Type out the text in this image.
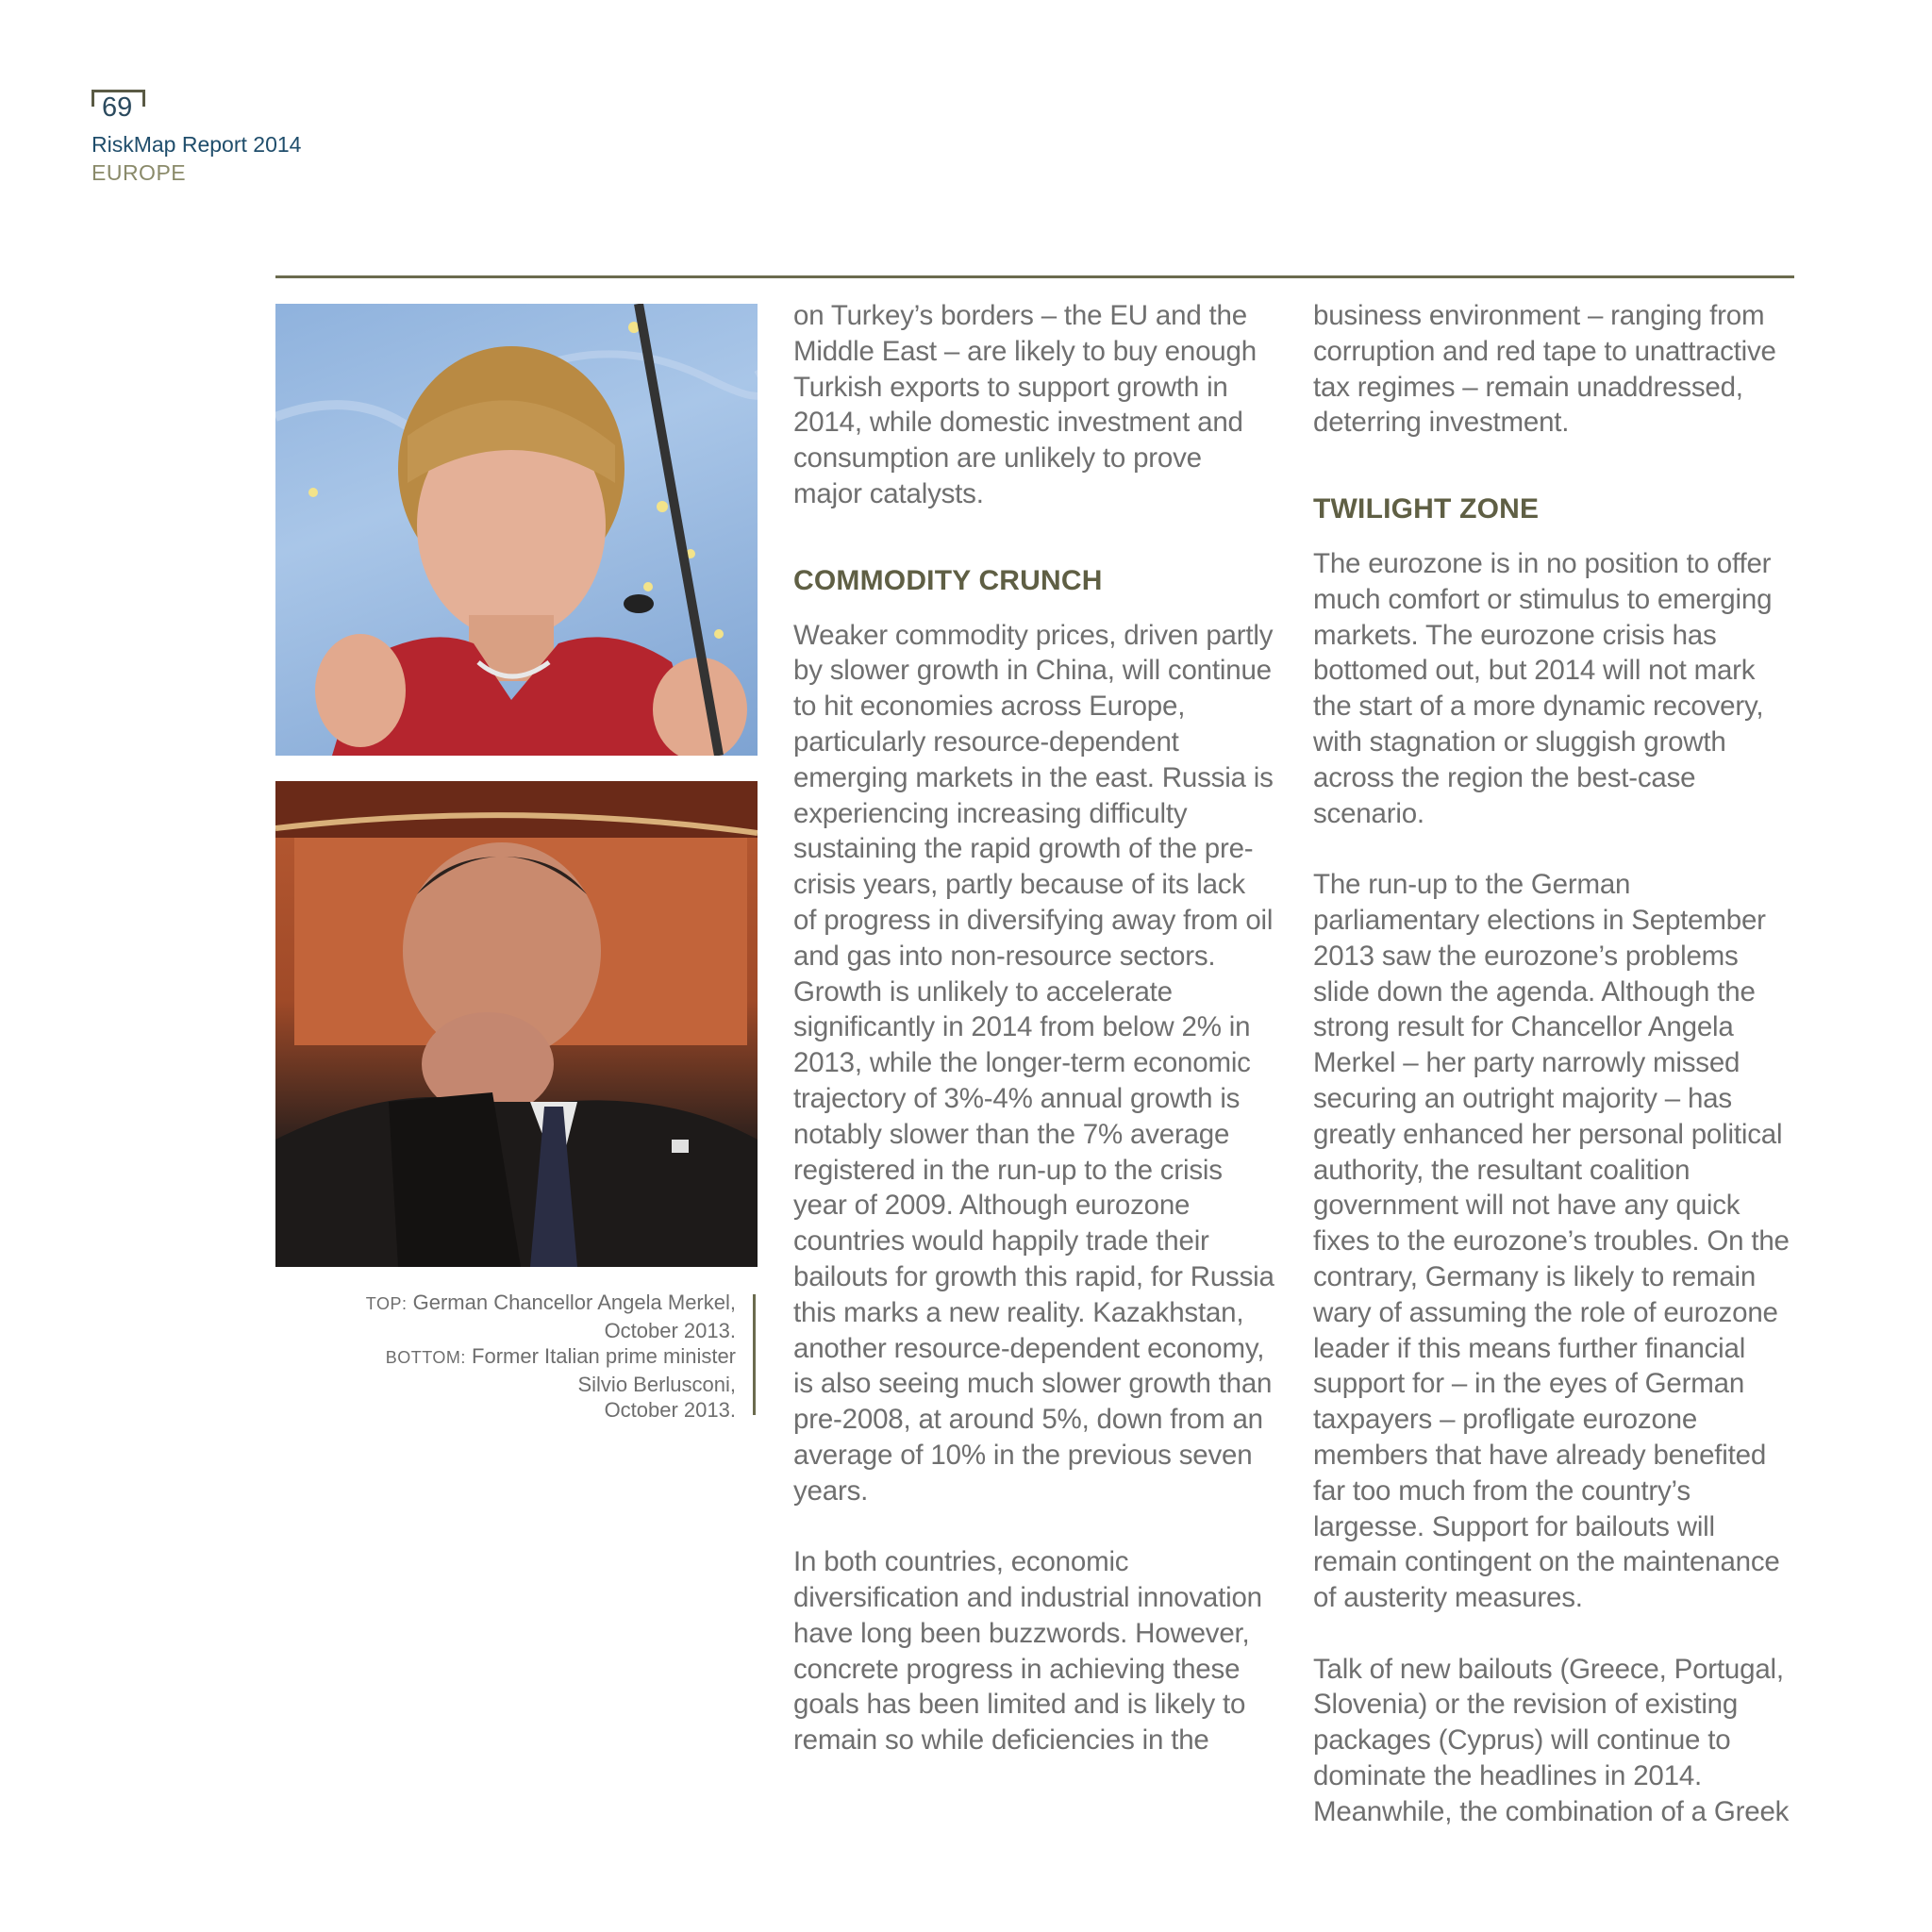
69
RiskMap Report 2014
EUROPE
TOP: German Chancellor Angela Merkel,
October 2013.
BOTTOM: Former Italian prime minister
Silvio Berlusconi,
October 2013.

on Turkey’s borders – the EU and the Middle East – are likely to buy enough Turkish exports to support growth in 2014, while domestic investment and consumption are unlikely to prove major catalysts.

COMMODITY CRUNCH

Weaker commodity prices, driven partly by slower growth in China, will continue to hit economies across Europe, particularly resource-dependent emerging markets in the east. Russia is experiencing increasing difficulty sustaining the rapid growth of the pre-crisis years, partly because of its lack of progress in diversifying away from oil and gas into non-resource sectors. Growth is unlikely to accelerate significantly in 2014 from below 2% in 2013, while the longer-term economic trajectory of 3%-4% annual growth is notably slower than the 7% average registered in the run-up to the crisis year of 2009. Although eurozone countries would happily trade their bailouts for growth this rapid, for Russia this marks a new reality. Kazakhstan, another resource-dependent economy, is also seeing much slower growth than pre-2008, at around 5%, down from an average of 10% in the previous seven years.

In both countries, economic diversification and industrial innovation have long been buzzwords. However, concrete progress in achieving these goals has been limited and is likely to remain so while deficiencies in the

business environment – ranging from corruption and red tape to unattractive tax regimes – remain unaddressed, deterring investment.

TWILIGHT ZONE

The eurozone is in no position to offer much comfort or stimulus to emerging markets. The eurozone crisis has bottomed out, but 2014 will not mark the start of a more dynamic recovery, with stagnation or sluggish growth across the region the best-case scenario.

The run-up to the German parliamentary elections in September 2013 saw the eurozone’s problems slide down the agenda. Although the strong result for Chancellor Angela Merkel – her party narrowly missed securing an outright majority – has greatly enhanced her personal political authority, the resultant coalition government will not have any quick fixes to the eurozone’s troubles. On the contrary, Germany is likely to remain wary of assuming the role of eurozone leader if this means further financial support for – in the eyes of German taxpayers – profligate eurozone members that have already benefited far too much from the country’s largesse. Support for bailouts will remain contingent on the maintenance of austerity measures.

Talk of new bailouts (Greece, Portugal, Slovenia) or the revision of existing packages (Cyprus) will continue to dominate the headlines in 2014. Meanwhile, the combination of a Greek
